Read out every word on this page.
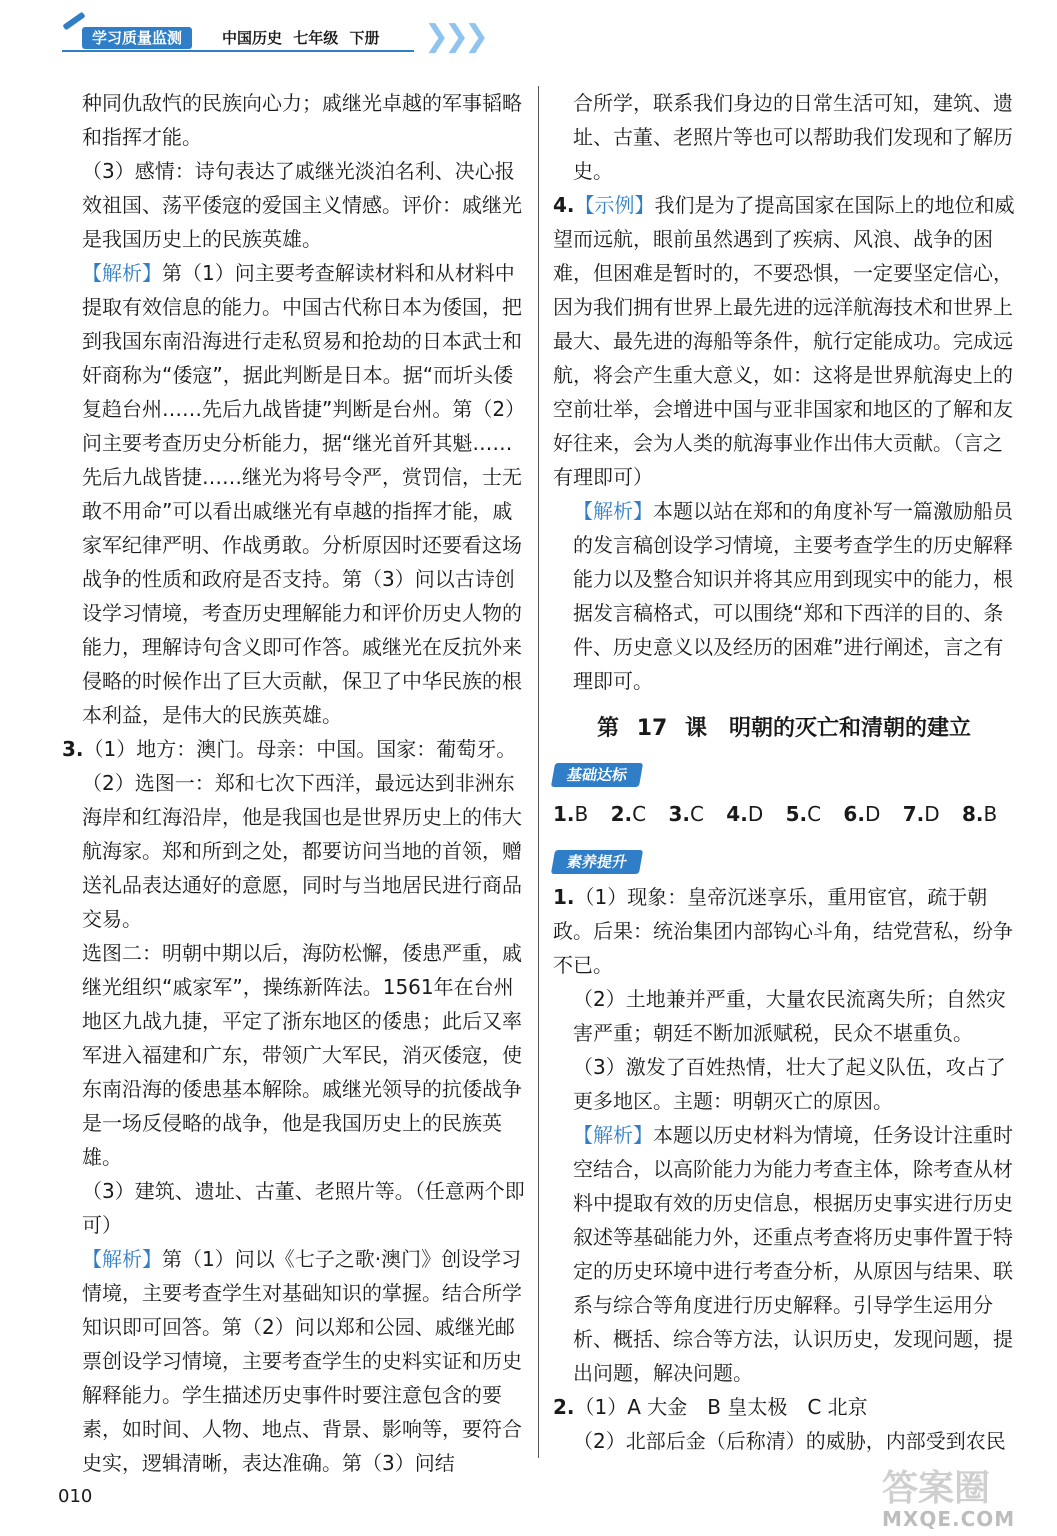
学习质量监测	中国历史 七年级 下册 ❯
❯
❯

种同仇敌忾的民族向心力；戚继光卓越的军事韬略和指挥才能。

（3）感情：诗句表达了戚继光淡泊名利、决心报效祖国、荡平倭寇的爱国主义情感。评价：戚继光是我国历史上的民族英雄。

【解析】第（1）问主要考查解读材料和从材料中提取有效信息的能力。中国古代称日本为倭国，把到我国东南沿海进行走私贸易和抢劫的日本武士和奸商称为“倭寇”，据此判断是日本。据“而圻头倭复趋台州……先后九战皆捷”判断是台州。第（2）问主要考查历史分析能力，据“继光首歼其魁……先后九战皆捷……继光为将号令严，赏罚信，士无敢不用命”可以看出戚继光有卓越的指挥才能，戚家军纪律严明、作战勇敢。分析原因时还要看这场战争的性质和政府是否支持。第（3）问以古诗创设学习情境，考查历史理解能力和评价历史人物的能力，理解诗句含义即可作答。戚继光在反抗外来侵略的时候作出了巨大贡献，保卫了中华民族的根本利益，是伟大的民族英雄。

3.（1）地方：澳门。母亲：中国。国家：葡萄牙。

（2）选图一：郑和七次下西洋，最远达到非洲东海岸和红海沿岸，他是我国也是世界历史上的伟大航海家。郑和所到之处，都要访问当地的首领，赠送礼品表达通好的意愿，同时与当地居民进行商品交易。

选图二：明朝中期以后，海防松懈，倭患严重，戚继光组织“戚家军”，操练新阵法。1561年在台州地区九战九捷，平定了浙东地区的倭患；此后又率军进入福建和广东，带领广大军民，消灭倭寇，使东南沿海的倭患基本解除。戚继光领导的抗倭战争是一场反侵略的战争，他是我国历史上的民族英雄。

（3）建筑、遗址、古董、老照片等。（任意两个即可）

【解析】第（1）问以《七子之歌·澳门》创设学习情境，主要考查学生对基础知识的掌握。结合所学知识即可回答。第（2）问以郑和公园、戚继光邮票创设学习情境，主要考查学生的史料实证和历史解释能力。学生描述历史事件时要注意包含的要素，如时间、人物、地点、背景、影响等，要符合史实，逻辑清晰，表达准确。第（3）问结

合所学，联系我们身边的日常生活可知，建筑、遗址、古董、老照片等也可以帮助我们发现和了解历史。

4.【示例】我们是为了提高国家在国际上的地位和威望而远航，眼前虽然遇到了疾病、风浪、战争的困难，但困难是暂时的，不要恐惧，一定要坚定信心，因为我们拥有世界上最先进的远洋航海技术和世界上最大、最先进的海船等条件，航行定能成功。完成远航，将会产生重大意义，如：这将是世界航海史上的空前壮举，会增进中国与亚非国家和地区的了解和友好往来，会为人类的航海事业作出伟大贡献。（言之有理即可）

【解析】本题以站在郑和的角度补写一篇激励船员的发言稿创设学习情境，主要考查学生的历史解释能力以及整合知识并将其应用到现实中的能力，根据发言稿格式，可以围绕“郑和下西洋的目的、条件、历史意义以及经历的困难”进行阐述，言之有理即可。

第 17 课　明朝的灭亡和清朝的建立
基础达标
1.B 2.C 3.C 4.D 5.C 6.D 7.D 8.B
素养提升

1.（1）现象：皇帝沉迷享乐，重用宦官，疏于朝政。后果：统治集团内部钩心斗角，结党营私，纷争不已。

（2）土地兼并严重，大量农民流离失所；自然灾害严重；朝廷不断加派赋税，民众不堪重负。

（3）激发了百姓热情，壮大了起义队伍，攻占了更多地区。主题：明朝灭亡的原因。

【解析】本题以历史材料为情境，任务设计注重时空结合，以高阶能力为能力考查主体，除考查从材料中提取有效的历史信息，根据历史事实进行历史叙述等基础能力外，还重点考查将历史事件置于特定的历史环境中进行考查分析，从原因与结果、联系与综合等角度进行历史解释。引导学生运用分析、概括、综合等方法，认识历史，发现问题，提出问题，解决问题。

2.（1）A 大金　B 皇太极　C 北京

（2）北部后金（后称清）的威胁，内部受到农民

010	答案圈
MXQE.COM
